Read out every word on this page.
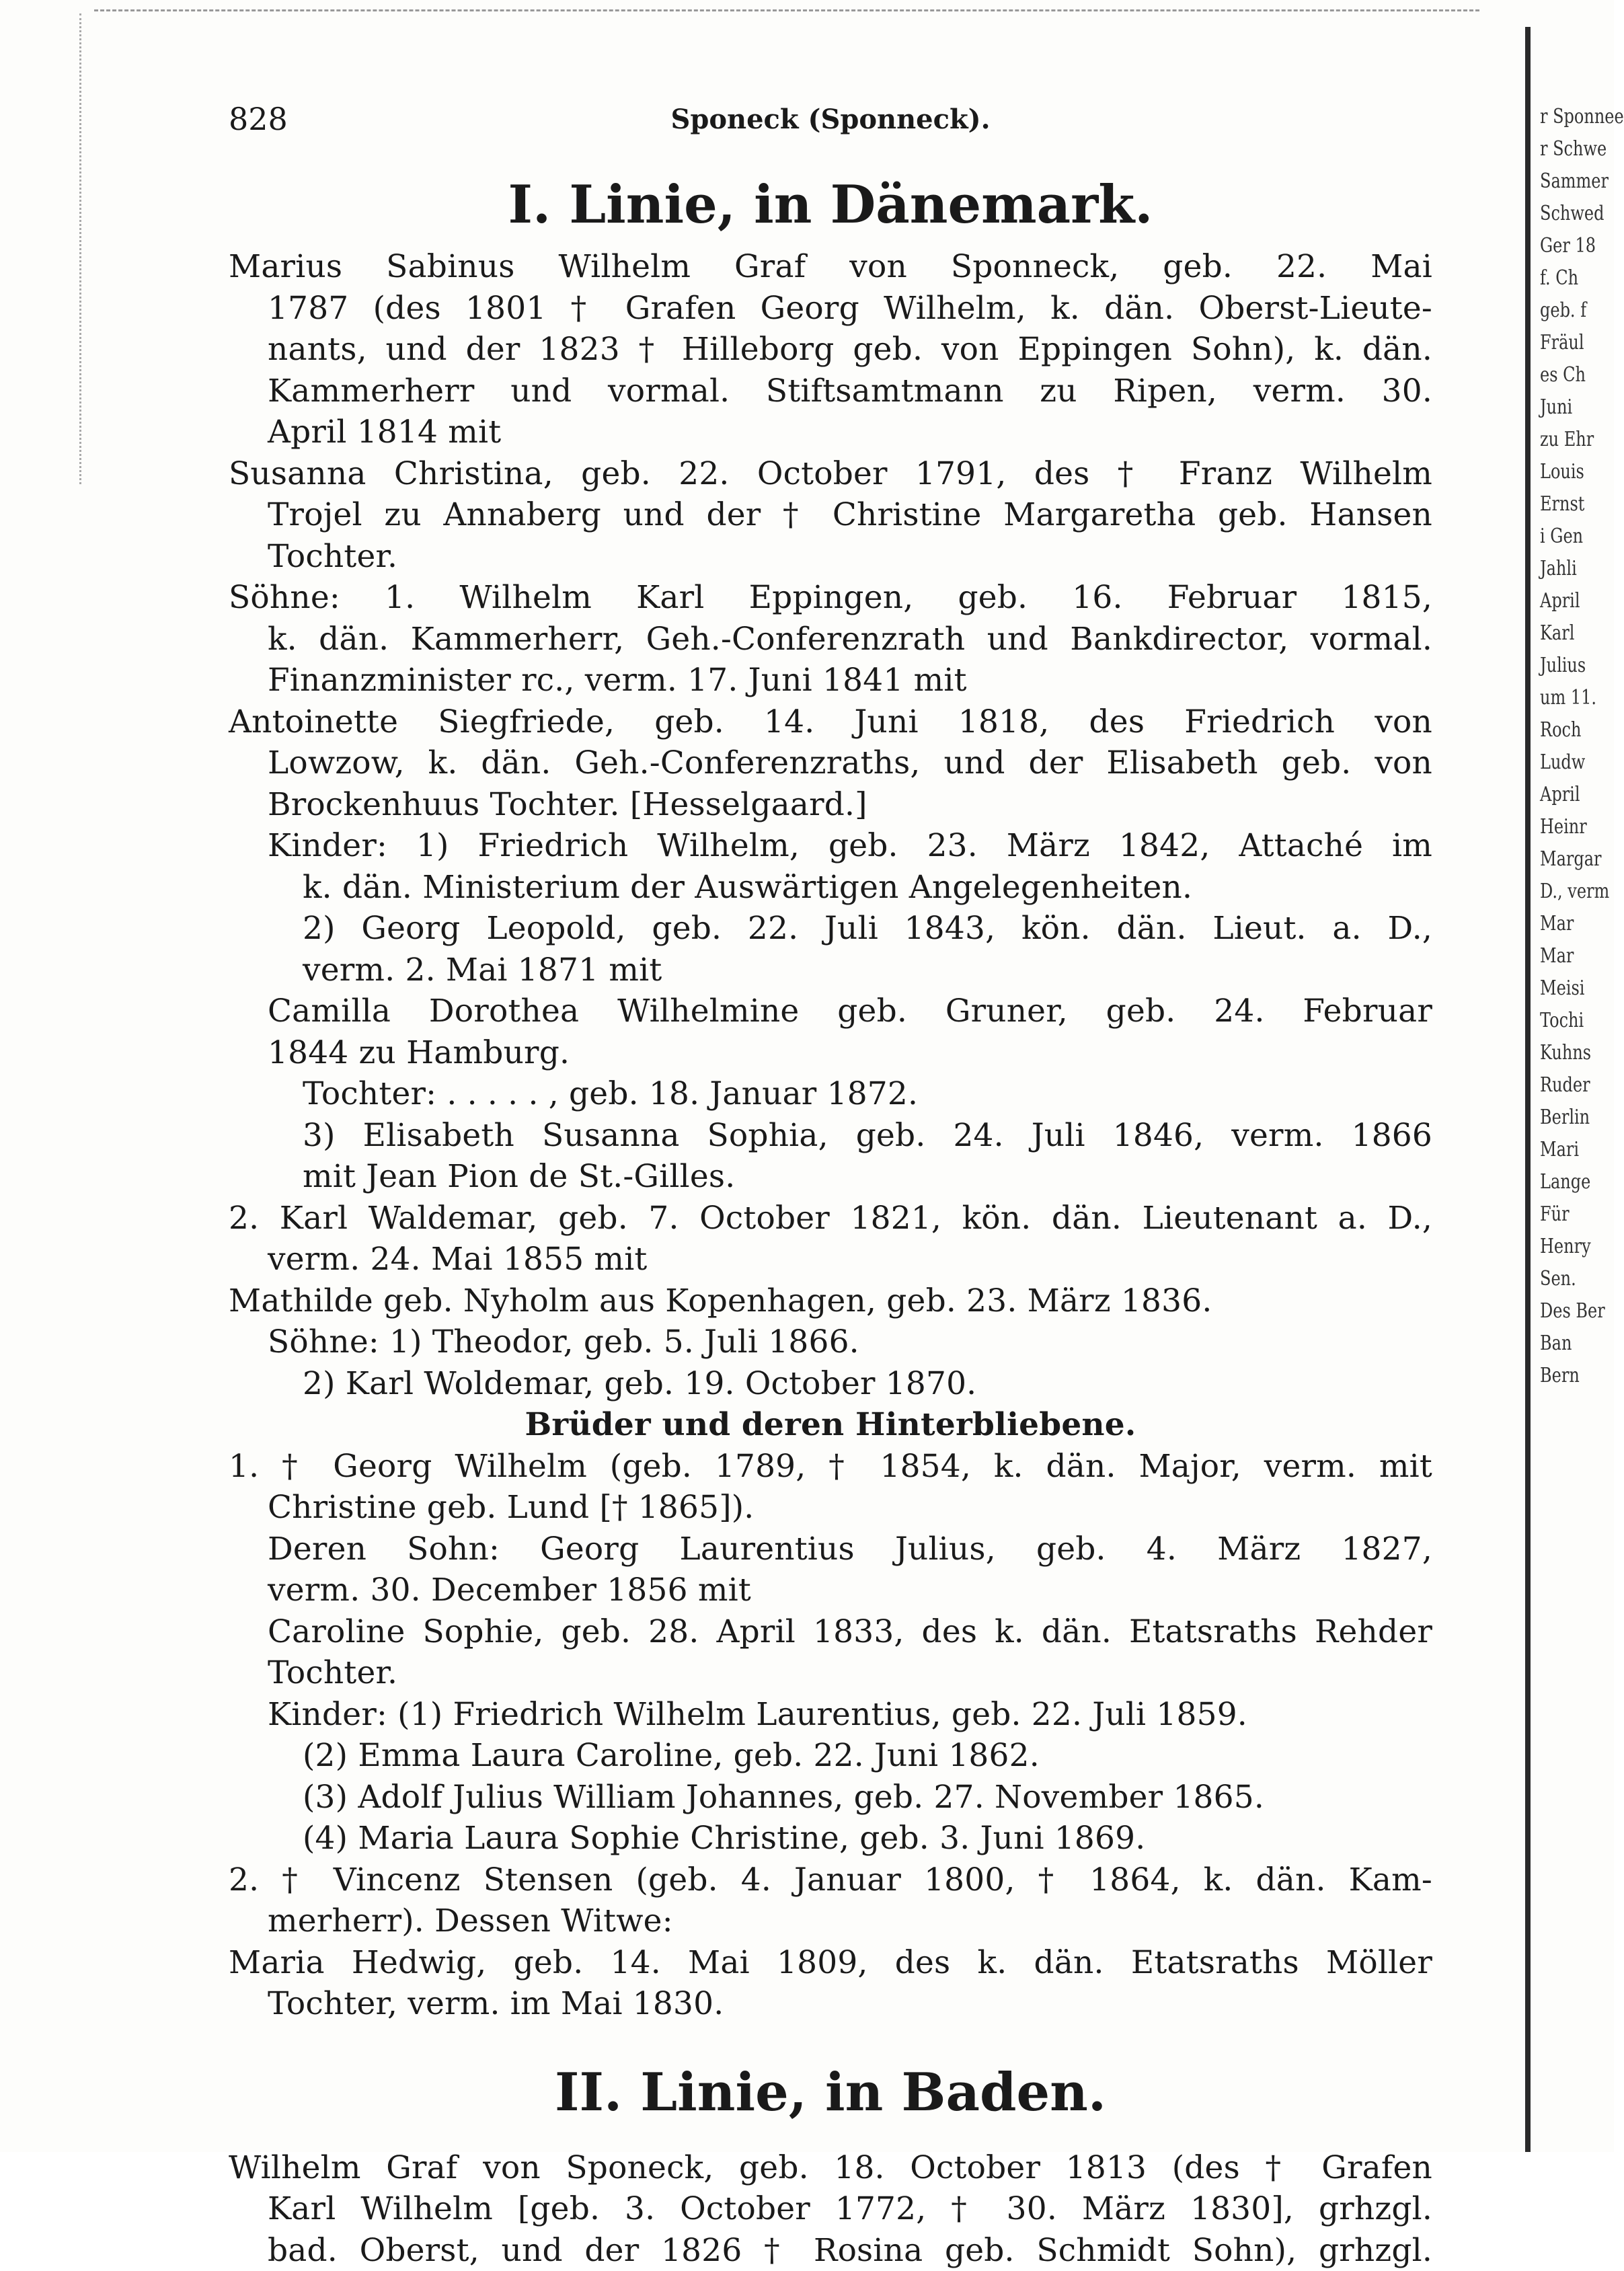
r Sponnee
r Schwe
Sammer
Schwed
Ger 18
f. Ch
geb. f
Fräul
es Ch
Juni
zu Ehr
Louis
Ernst
i Gen
Jahli
April
Karl
Julius
um 11.
Roch
Ludw
April
Heinr
Margar
D., verm
Mar
Mar
Meisi
Tochi
Kuhns
Ruder
Berlin
Mari
Lange
Für
Henry
Sen.
Des Ber
Ban
Bern
828	Sponeck (Sponneck).
I. Linie, in Dänemark.
Marius Sabinus Wilhelm Graf von Sponneck, geb. 22. Mai
1787 (des 1801 † Grafen Georg Wilhelm, k. dän. Oberst-Lieute-
nants, und der 1823 † Hilleborg geb. von Eppingen Sohn), k. dän.
Kammerherr und vormal. Stiftsamtmann zu Ripen, verm. 30.
April 1814 mit
Susanna Christina, geb. 22. October 1791, des † Franz Wilhelm
Trojel zu Annaberg und der † Christine Margaretha geb. Hansen
Tochter.
Söhne: 1. Wilhelm Karl Eppingen, geb. 16. Februar 1815,
k. dän. Kammerherr, Geh.-Conferenzrath und Bankdirector, vormal.
Finanzminister rc., verm. 17. Juni 1841 mit
Antoinette Siegfriede, geb. 14. Juni 1818, des Friedrich von
Lowzow, k. dän. Geh.-Conferenzraths, und der Elisabeth geb. von
Brockenhuus Tochter. [Hesselgaard.]
Kinder: 1) Friedrich Wilhelm, geb. 23. März 1842, Attaché im
k. dän. Ministerium der Auswärtigen Angelegenheiten.
2) Georg Leopold, geb. 22. Juli 1843, kön. dän. Lieut. a. D.,
verm. 2. Mai 1871 mit
Camilla Dorothea Wilhelmine geb. Gruner, geb. 24. Februar
1844 zu Hamburg.
Tochter: . . . . . , geb. 18. Januar 1872.
3) Elisabeth Susanna Sophia, geb. 24. Juli 1846, verm. 1866
mit Jean Pion de St.-Gilles.
2. Karl Waldemar, geb. 7. October 1821, kön. dän. Lieutenant a. D.,
verm. 24. Mai 1855 mit
Mathilde geb. Nyholm aus Kopenhagen, geb. 23. März 1836.
Söhne: 1) Theodor, geb. 5. Juli 1866.
2) Karl Woldemar, geb. 19. October 1870.
Brüder und deren Hinterbliebene.
1. † Georg Wilhelm (geb. 1789, † 1854, k. dän. Major, verm. mit
Christine geb. Lund [† 1865]).
Deren Sohn: Georg Laurentius Julius, geb. 4. März 1827,
verm. 30. December 1856 mit
Caroline Sophie, geb. 28. April 1833, des k. dän. Etatsraths Rehder
Tochter.
Kinder: (1) Friedrich Wilhelm Laurentius, geb. 22. Juli 1859.
(2) Emma Laura Caroline, geb. 22. Juni 1862.
(3) Adolf Julius William Johannes, geb. 27. November 1865.
(4) Maria Laura Sophie Christine, geb. 3. Juni 1869.
2. † Vincenz Stensen (geb. 4. Januar 1800, † 1864, k. dän. Kam-
merherr). Dessen Witwe:
Maria Hedwig, geb. 14. Mai 1809, des k. dän. Etatsraths Möller
Tochter, verm. im Mai 1830.
II. Linie, in Baden.
Wilhelm Graf von Sponeck, geb. 18. October 1813 (des † Grafen
Karl Wilhelm [geb. 3. October 1772, † 30. März 1830], grhzgl.
bad. Oberst, und der 1826 † Rosina geb. Schmidt Sohn), grhzgl.
